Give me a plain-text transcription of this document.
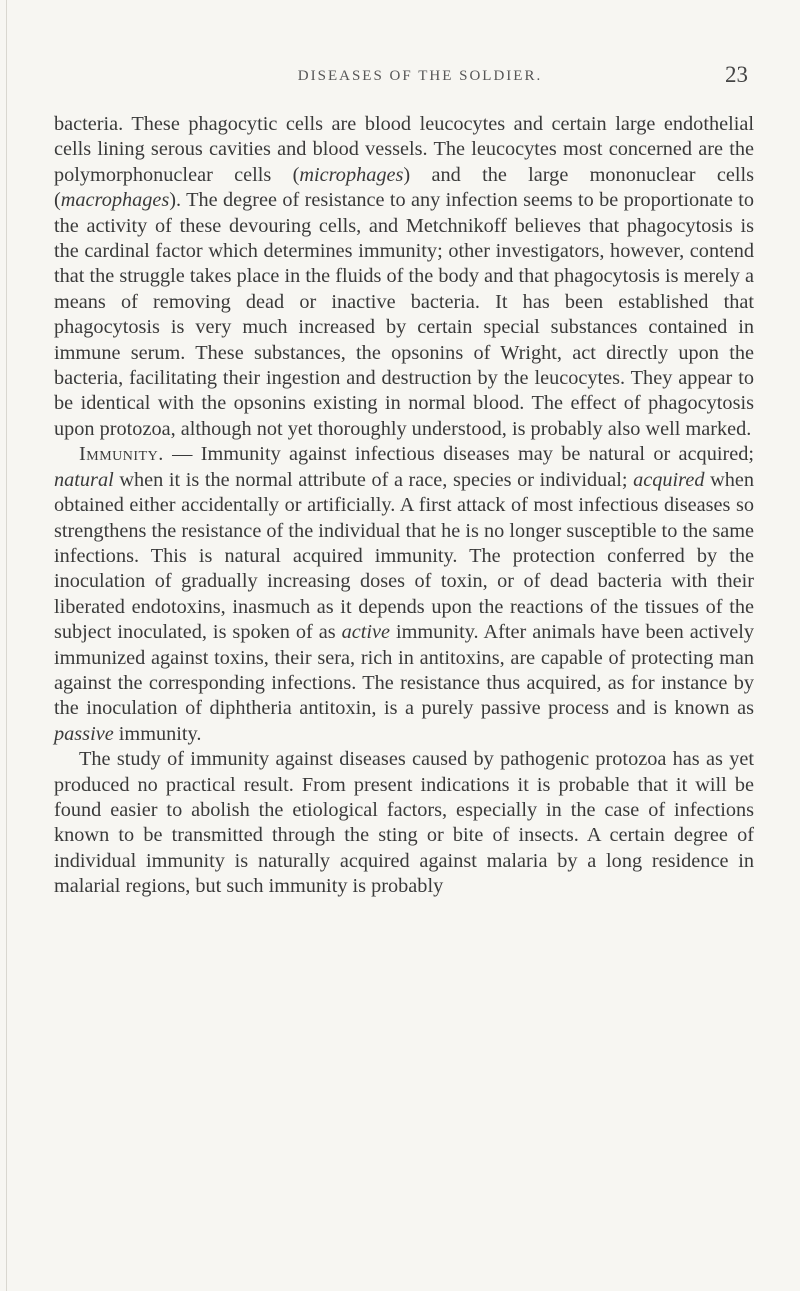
DISEASES OF THE SOLDIER.	23

bacteria. These phagocytic cells are blood leucocytes and certain large endothelial cells lining serous cavities and blood vessels. The leucocytes most concerned are the polymorphonuclear cells (microphages) and the large mononuclear cells (macrophages). The degree of resistance to any infection seems to be proportionate to the activity of these devouring cells, and Metchnikoff believes that phagocytosis is the cardinal factor which determines immunity; other investigators, however, contend that the struggle takes place in the fluids of the body and that phagocytosis is merely a means of removing dead or inactive bacteria. It has been established that phagocytosis is very much increased by certain special substances contained in immune serum. These substances, the opsonins of Wright, act directly upon the bacteria, facilitating their ingestion and destruction by the leucocytes. They appear to be identical with the opsonins existing in normal blood. The effect of phagocytosis upon protozoa, although not yet thoroughly understood, is probably also well marked.

Immunity. — Immunity against infectious diseases may be natural or acquired; natural when it is the normal attribute of a race, species or individual; acquired when obtained either accidentally or artificially. A first attack of most infectious diseases so strengthens the resistance of the individual that he is no longer susceptible to the same infections. This is natural acquired immunity. The protection conferred by the inoculation of gradually increasing doses of toxin, or of dead bacteria with their liberated endotoxins, inasmuch as it depends upon the reactions of the tissues of the subject inoculated, is spoken of as active immunity. After animals have been actively immunized against toxins, their sera, rich in antitoxins, are capable of protecting man against the corresponding infections. The resistance thus acquired, as for instance by the inoculation of diphtheria antitoxin, is a purely passive process and is known as passive immunity.

The study of immunity against diseases caused by pathogenic protozoa has as yet produced no practical result. From present indications it is probable that it will be found easier to abolish the etiological factors, especially in the case of infections known to be transmitted through the sting or bite of insects. A certain degree of individual immunity is naturally acquired against malaria by a long residence in malarial regions, but such immunity is probably
